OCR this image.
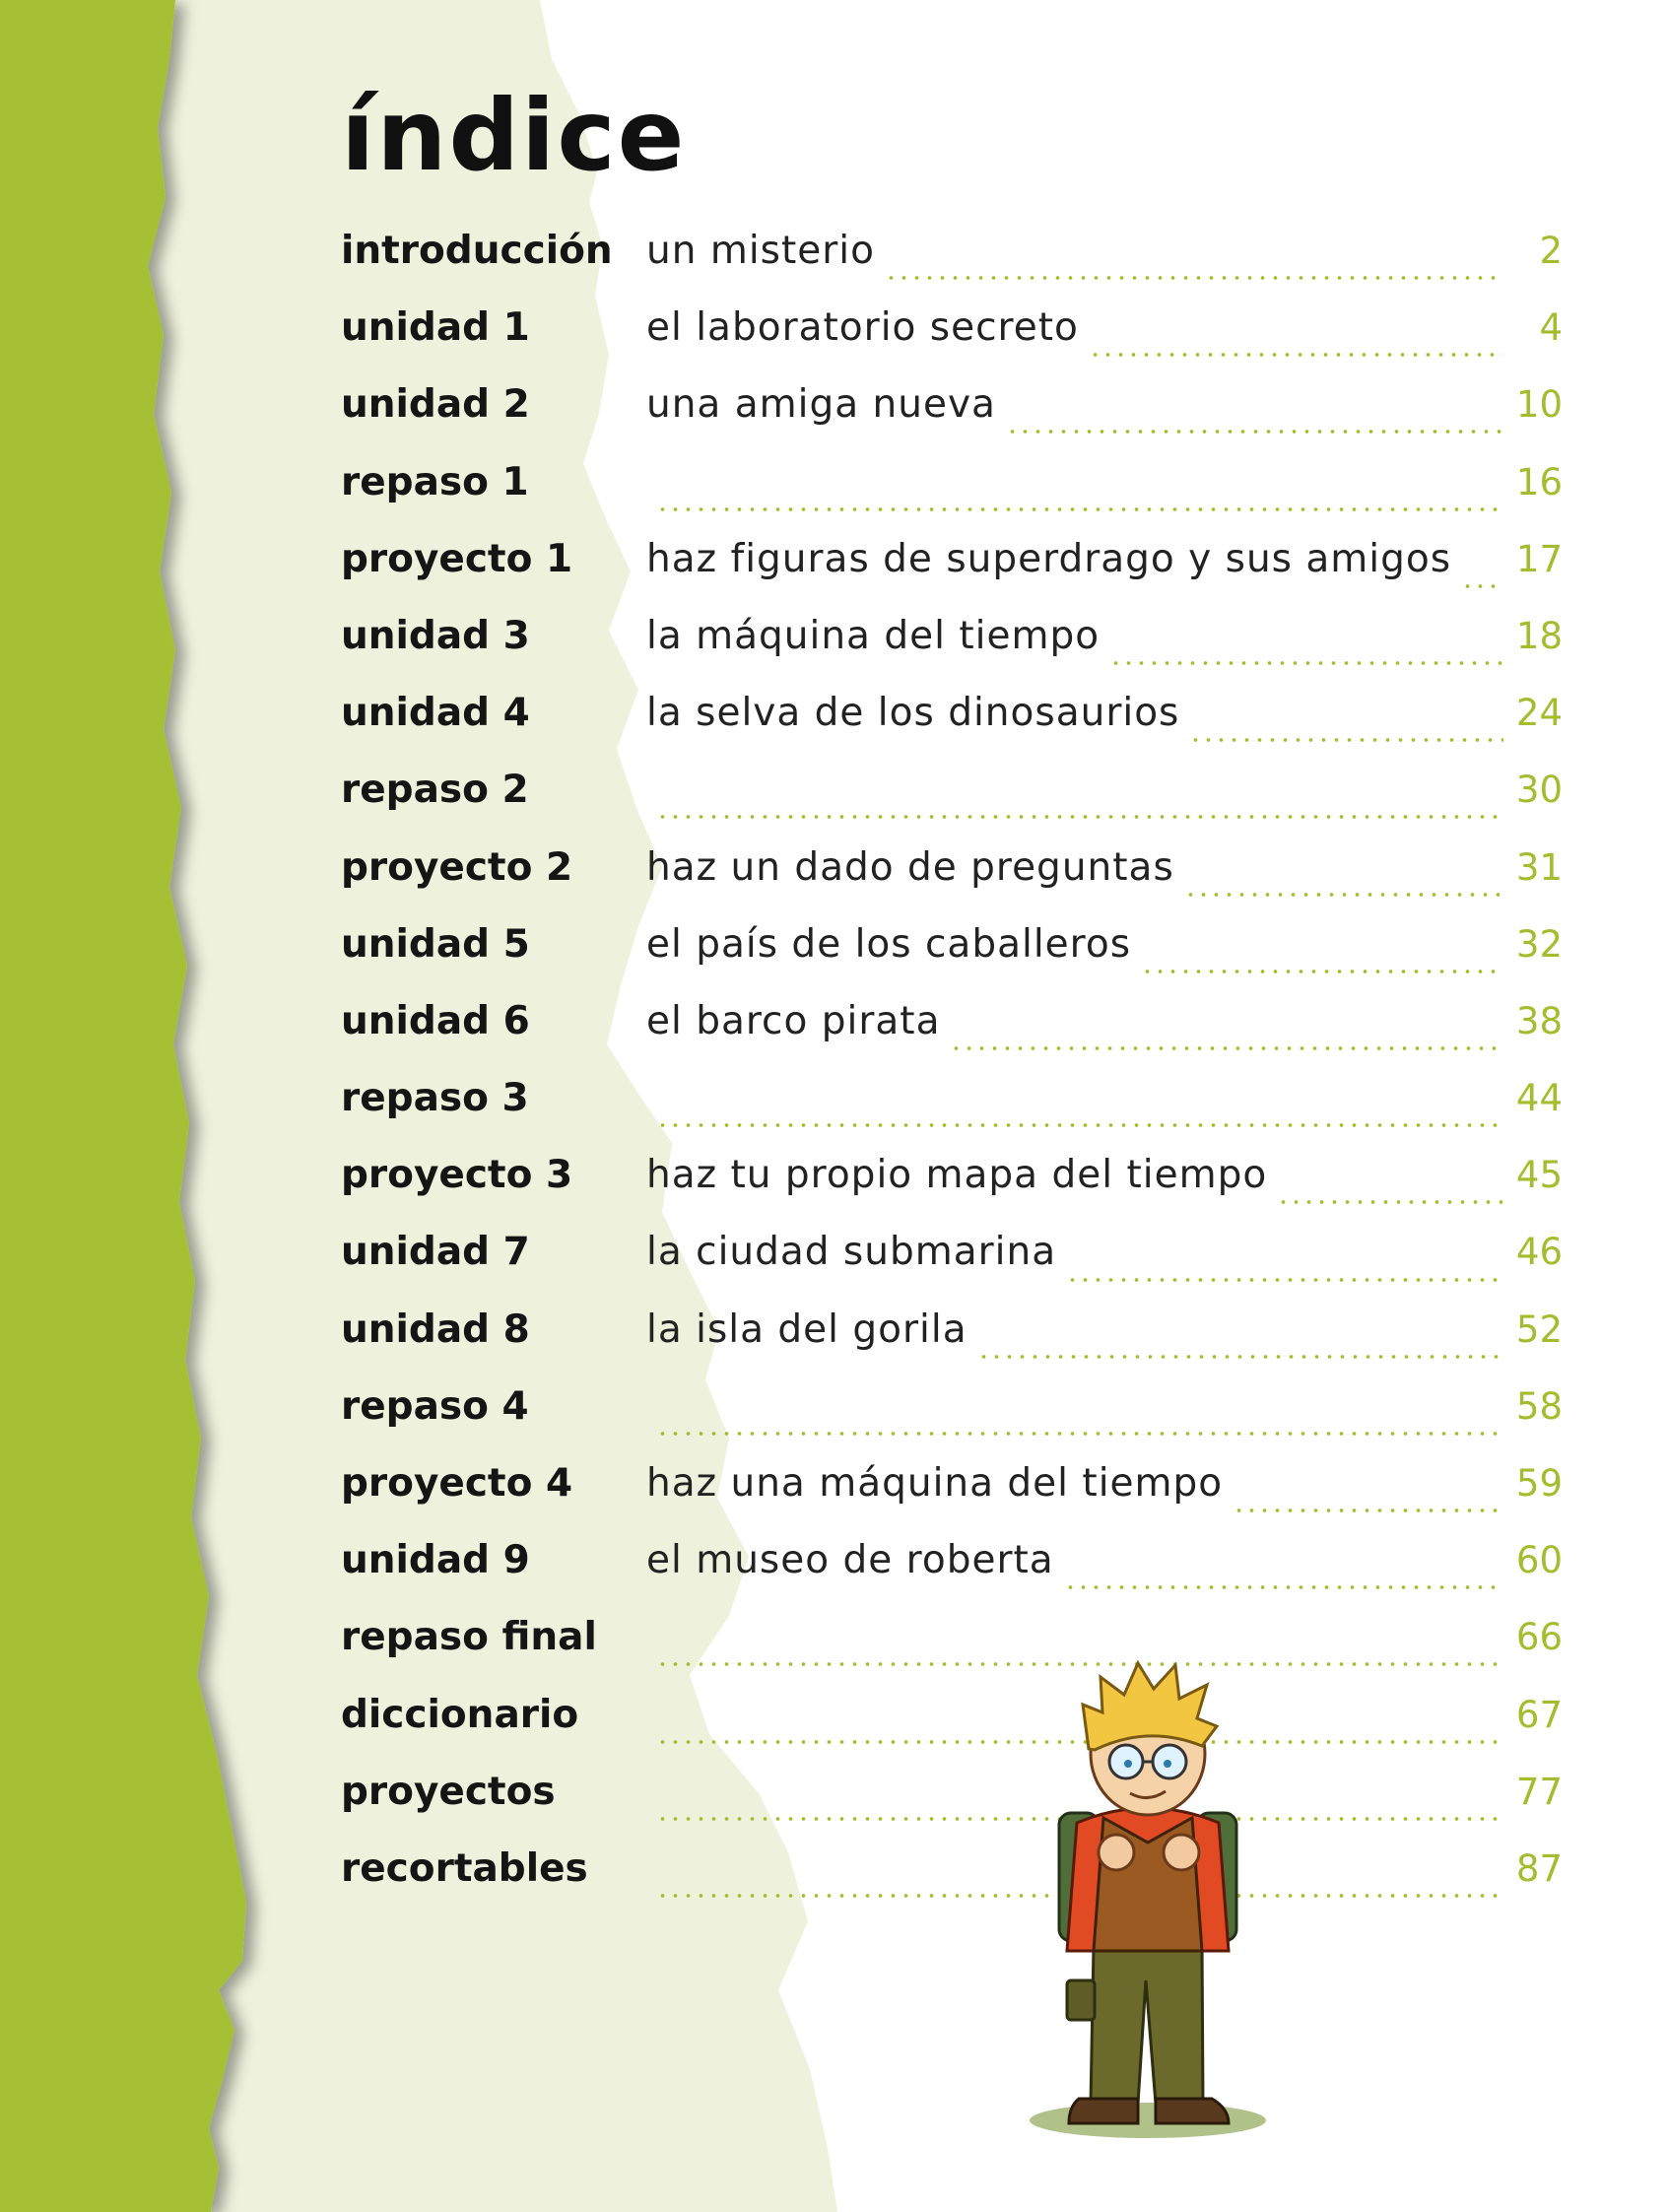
índice
introducción un misterio	2
unidad 1	el laboratorio secreto	4
unidad 2	una amiga nueva	10
repaso 1	16
proyecto 1	haz figuras de superdrago y sus amigos 17
unidad 3	la máquina del tiempo	18
unidad 4	la selva de los dinosaurios	24
repaso 2	30
proyecto 2	haz un dado de preguntas	31
unidad 5	el país de los caballeros	32
unidad 6	el barco pirata	38
repaso 3	44
proyecto 3	haz tu propio mapa del tiempo	45
unidad 7	la ciudad submarina	46
unidad 8	la isla del gorila	52
repaso 4	58
proyecto 4	haz una máquina del tiempo	59
unidad 9	el museo de roberta	60
repaso final	66
diccionario	67
proyectos	77
recortables	87
